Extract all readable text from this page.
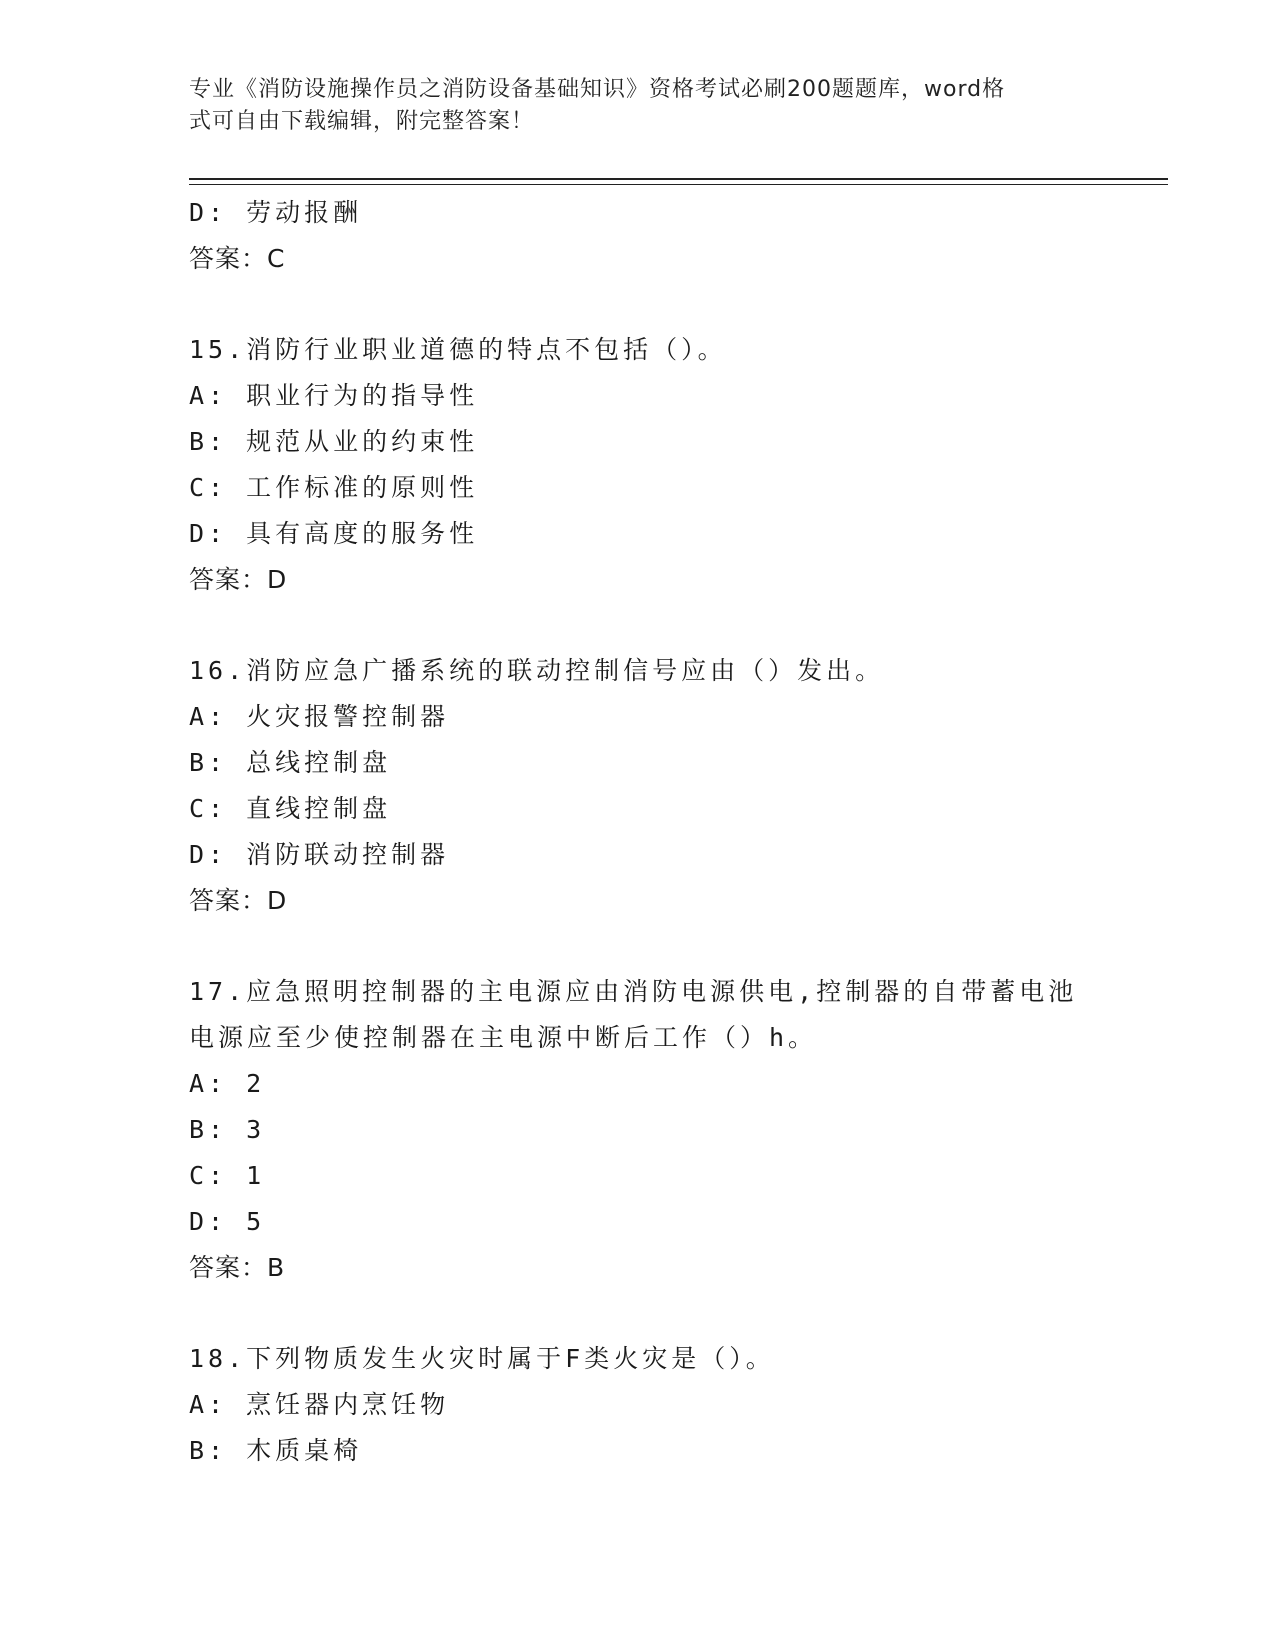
专业《消防设施操作员之消防设备基础知识》资格考试必刷200题题库，word格
式可自由下载编辑，附完整答案！
D: 劳动报酬
答案：C
15.消防行业职业道德的特点不包括（）。
A: 职业行为的指导性
B: 规范从业的约束性
C: 工作标准的原则性
D: 具有高度的服务性
答案：D
16.消防应急广播系统的联动控制信号应由（）发出。
A: 火灾报警控制器
B: 总线控制盘
C: 直线控制盘
D: 消防联动控制器
答案：D
17.应急照明控制器的主电源应由消防电源供电,控制器的自带蓄电池
电源应至少使控制器在主电源中断后工作（）h。
A: 2
B: 3
C: 1
D: 5
答案：B
18.下列物质发生火灾时属于F类火灾是（）。
A: 烹饪器内烹饪物
B: 木质桌椅
